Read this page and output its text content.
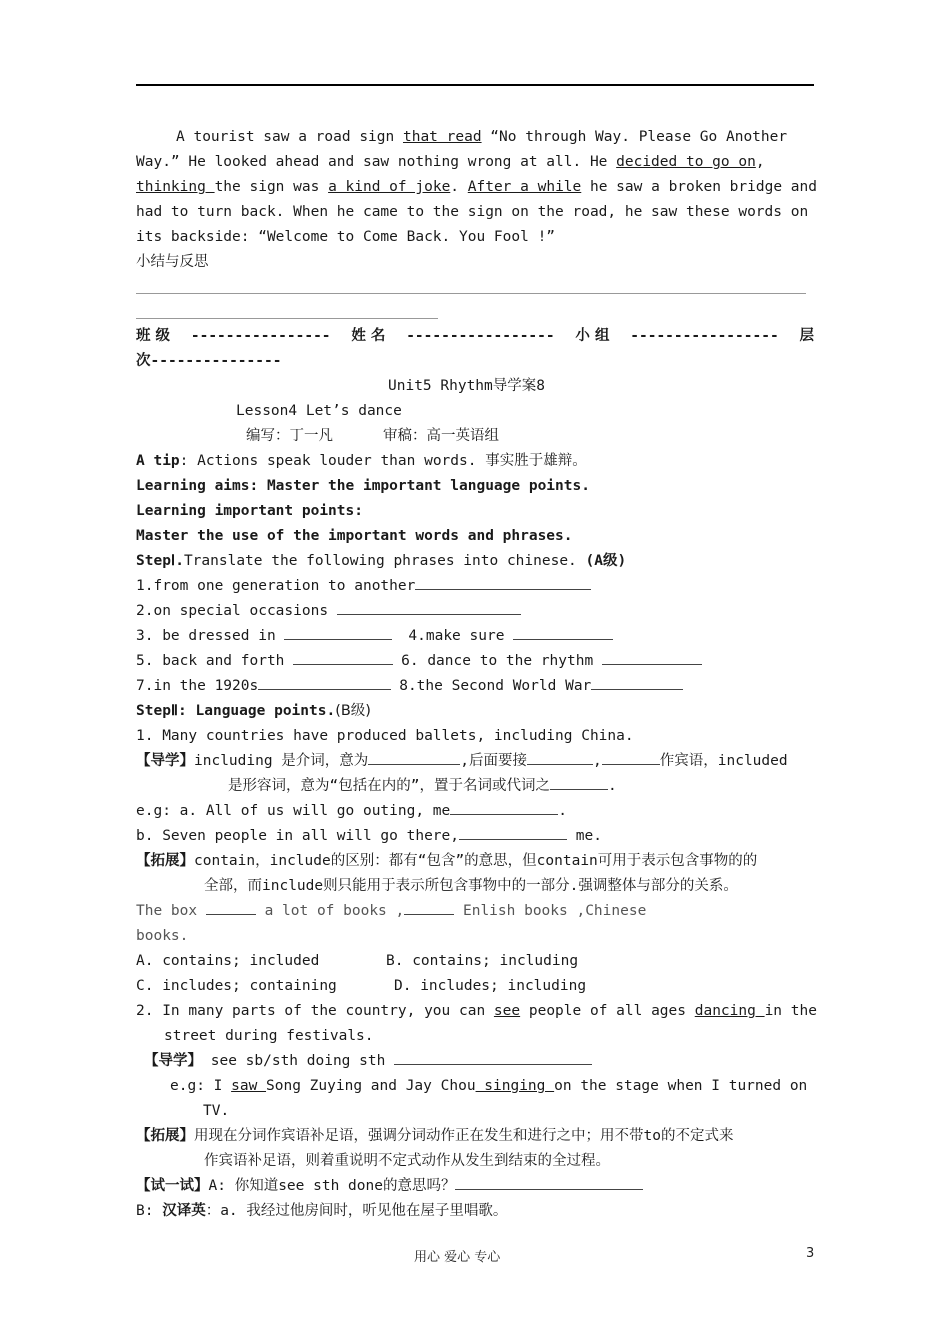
A tourist saw a road sign that read “No through Way. Please Go Another
Way.” He looked ahead and saw nothing wrong at all. He decided to go on,
thinking the sign was a kind of joke. After a while he saw a broken bridge and
had to turn back. When he came to the sign on the road, he saw these words on
its backside: “Welcome to Come Back. You Fool !”
小结与反思
班 级 ---------------- 姓 名 ----------------- 小 组 ----------------- 层
次---------------
Unit5 Rhythm导学案8
Lesson4 Let’s dance
编写：丁一凡	审稿：高一英语组
A tip: Actions speak louder than words. 事实胜于雄辩。
Learning aims: Master the important language points.
Learning important points:
Master the use of the important words and phrases.
StepⅠ.Translate the following phrases into chinese. (A级)
1.from one generation to another
2.on special occasions
3. be dressed in	4.make sure
5. back and forth	6. dance to the rhythm
7.in the 1920s	8.the Second World War
StepⅡ: Language points.(B级)
1. Many countries have produced ballets, including China.
【导学】including 是介词，意为	,后面要接	,	作宾语，included
是形容词，意为“包括在内的”，置于名词或代词之	.
e.g: a. All of us will go outing, me	.
b. Seven people in all will go there,	me.
【拓展】contain，include的区别：都有“包含”的意思，但contain可用于表示包含事物的的
全部，而include则只能用于表示所包含事物中的一部分.强调整体与部分的关系。
The box	a lot of books ,	Enlish books ,Chinese
books.
A. contains; included	B. contains; including
C. includes; containing	D. includes; including
2. In many parts of the country, you can see people of all ages dancing in the
street during festivals.
【导学】 see sb/sth doing sth
e.g: I saw Song Zuying and Jay Chou singing on the stage when I turned on
TV.
【拓展】用现在分词作宾语补足语，强调分词动作正在发生和进行之中；用不带to的不定式来
作宾语补足语，则着重说明不定式动作从发生到结束的全过程。
【试一试】A: 你知道see sth done的意思吗？
B: 汉译英：a. 我经过他房间时，听见他在屋子里唱歌。
用心 爱心 专心	3
